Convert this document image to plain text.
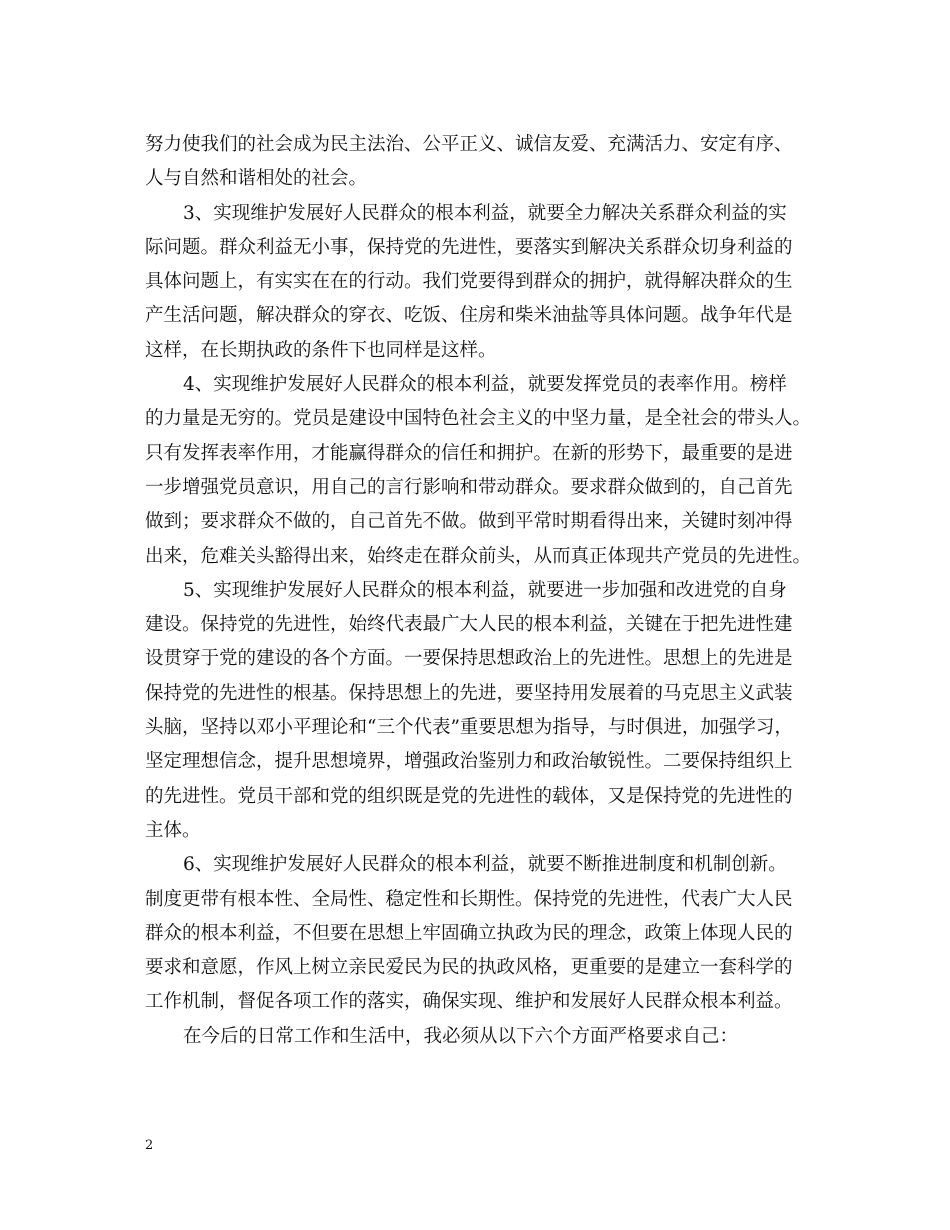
努力使我们的社会成为民主法治、公平正义、诚信友爱、充满活力、安定有序、
人与自然和谐相处的社会。
3、实现维护发展好人民群众的根本利益，就要全力解决关系群众利益的实
际问题。群众利益无小事，保持党的先进性，要落实到解决关系群众切身利益的
具体问题上，有实实在在的行动。我们党要得到群众的拥护，就得解决群众的生
产生活问题，解决群众的穿衣、吃饭、住房和柴米油盐等具体问题。战争年代是
这样，在长期执政的条件下也同样是这样。
4、实现维护发展好人民群众的根本利益，就要发挥党员的表率作用。榜样
的力量是无穷的。党员是建设中国特色社会主义的中坚力量，是全社会的带头人。
只有发挥表率作用，才能赢得群众的信任和拥护。在新的形势下，最重要的是进
一步增强党员意识，用自己的言行影响和带动群众。要求群众做到的，自己首先
做到；要求群众不做的，自己首先不做。做到平常时期看得出来，关键时刻冲得
出来，危难关头豁得出来，始终走在群众前头，从而真正体现共产党员的先进性。
5、实现维护发展好人民群众的根本利益，就要进一步加强和改进党的自身
建设。保持党的先进性，始终代表最广大人民的根本利益，关键在于把先进性建
设贯穿于党的建设的各个方面。一要保持思想政治上的先进性。思想上的先进是
保持党的先进性的根基。保持思想上的先进，要坚持用发展着的马克思主义武装
头脑，坚持以邓小平理论和“三个代表”重要思想为指导，与时俱进，加强学习，
坚定理想信念，提升思想境界，增强政治鉴别力和政治敏锐性。二要保持组织上
的先进性。党员干部和党的组织既是党的先进性的载体，又是保持党的先进性的
主体。
6、实现维护发展好人民群众的根本利益，就要不断推进制度和机制创新。
制度更带有根本性、全局性、稳定性和长期性。保持党的先进性，代表广大人民
群众的根本利益，不但要在思想上牢固确立执政为民的理念，政策上体现人民的
要求和意愿，作风上树立亲民爱民为民的执政风格，更重要的是建立一套科学的
工作机制，督促各项工作的落实，确保实现、维护和发展好人民群众根本利益。
在今后的日常工作和生活中，我必须从以下六个方面严格要求自己：
2
